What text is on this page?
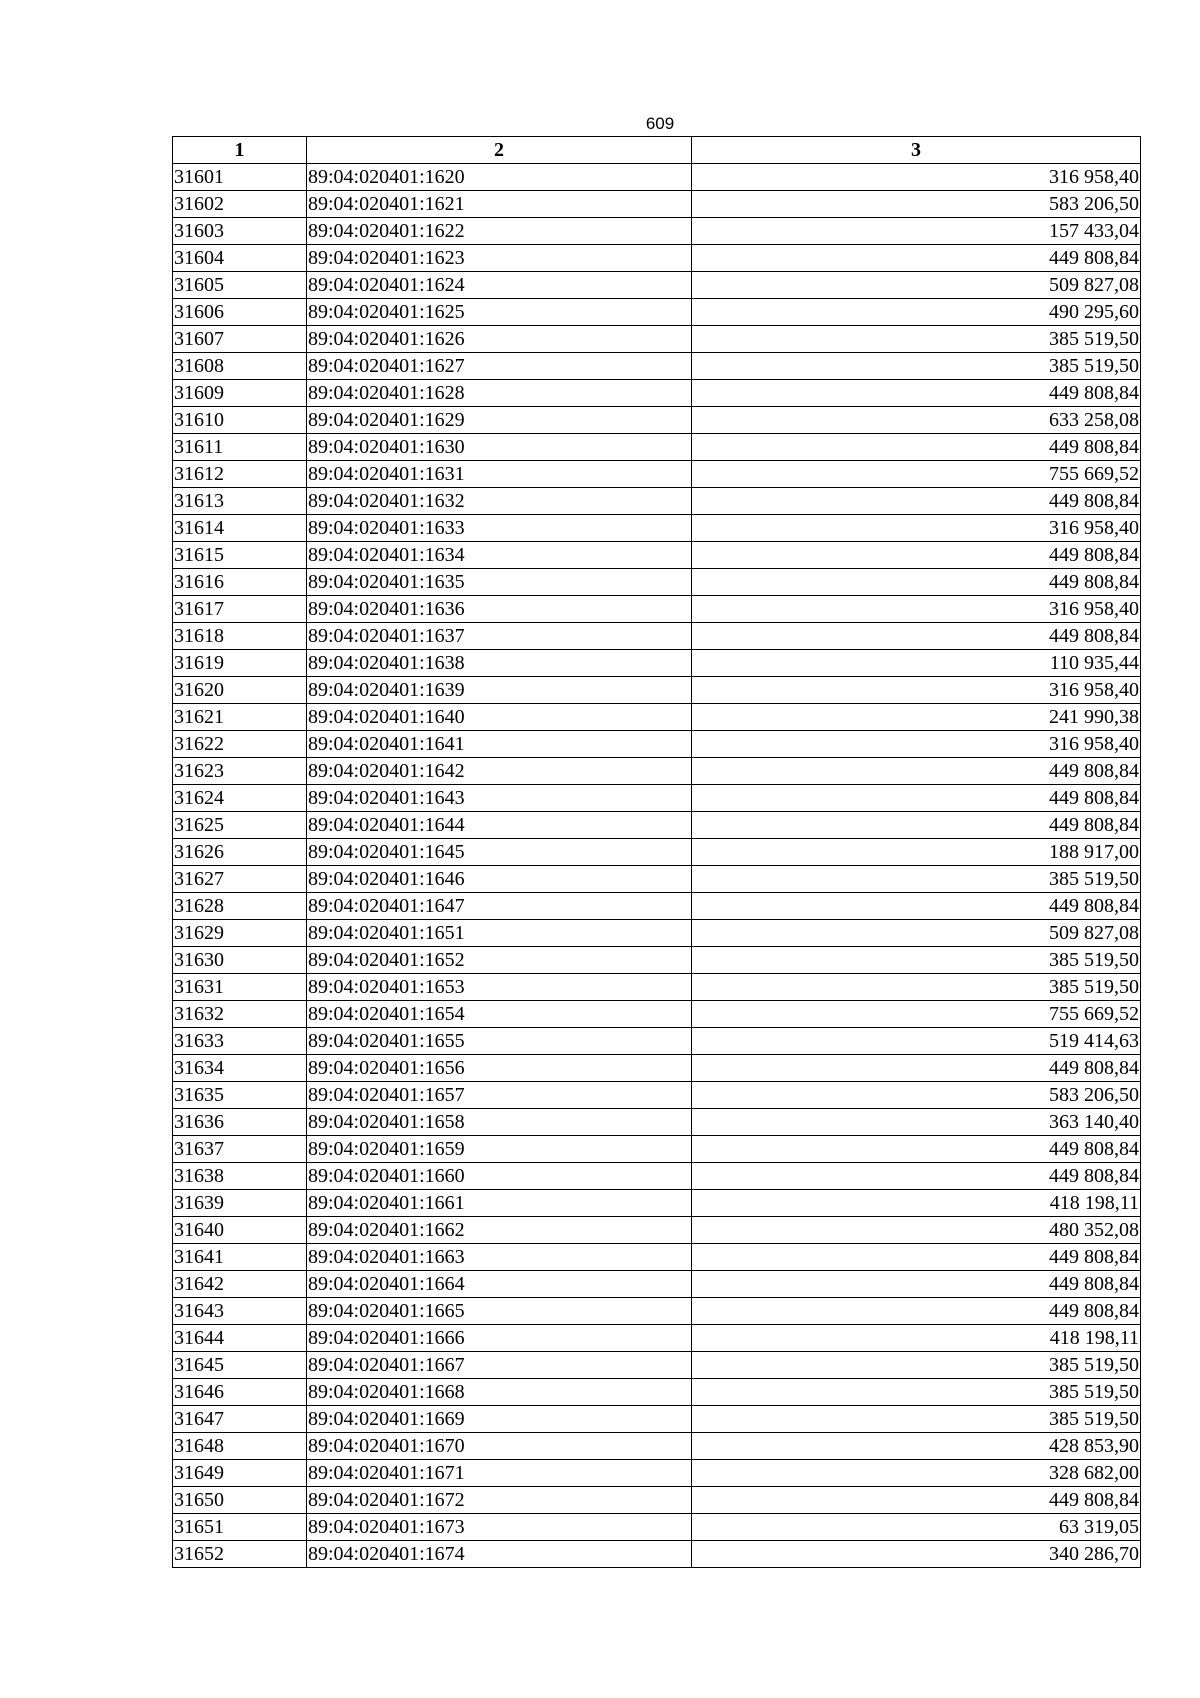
609
1	2	3
31601	89:04:020401:1620	316 958,40
31602	89:04:020401:1621	583 206,50
31603	89:04:020401:1622	157 433,04
31604	89:04:020401:1623	449 808,84
31605	89:04:020401:1624	509 827,08
31606	89:04:020401:1625	490 295,60
31607	89:04:020401:1626	385 519,50
31608	89:04:020401:1627	385 519,50
31609	89:04:020401:1628	449 808,84
31610	89:04:020401:1629	633 258,08
31611	89:04:020401:1630	449 808,84
31612	89:04:020401:1631	755 669,52
31613	89:04:020401:1632	449 808,84
31614	89:04:020401:1633	316 958,40
31615	89:04:020401:1634	449 808,84
31616	89:04:020401:1635	449 808,84
31617	89:04:020401:1636	316 958,40
31618	89:04:020401:1637	449 808,84
31619	89:04:020401:1638	110 935,44
31620	89:04:020401:1639	316 958,40
31621	89:04:020401:1640	241 990,38
31622	89:04:020401:1641	316 958,40
31623	89:04:020401:1642	449 808,84
31624	89:04:020401:1643	449 808,84
31625	89:04:020401:1644	449 808,84
31626	89:04:020401:1645	188 917,00
31627	89:04:020401:1646	385 519,50
31628	89:04:020401:1647	449 808,84
31629	89:04:020401:1651	509 827,08
31630	89:04:020401:1652	385 519,50
31631	89:04:020401:1653	385 519,50
31632	89:04:020401:1654	755 669,52
31633	89:04:020401:1655	519 414,63
31634	89:04:020401:1656	449 808,84
31635	89:04:020401:1657	583 206,50
31636	89:04:020401:1658	363 140,40
31637	89:04:020401:1659	449 808,84
31638	89:04:020401:1660	449 808,84
31639	89:04:020401:1661	418 198,11
31640	89:04:020401:1662	480 352,08
31641	89:04:020401:1663	449 808,84
31642	89:04:020401:1664	449 808,84
31643	89:04:020401:1665	449 808,84
31644	89:04:020401:1666	418 198,11
31645	89:04:020401:1667	385 519,50
31646	89:04:020401:1668	385 519,50
31647	89:04:020401:1669	385 519,50
31648	89:04:020401:1670	428 853,90
31649	89:04:020401:1671	328 682,00
31650	89:04:020401:1672	449 808,84
31651	89:04:020401:1673	63 319,05
31652	89:04:020401:1674	340 286,70
